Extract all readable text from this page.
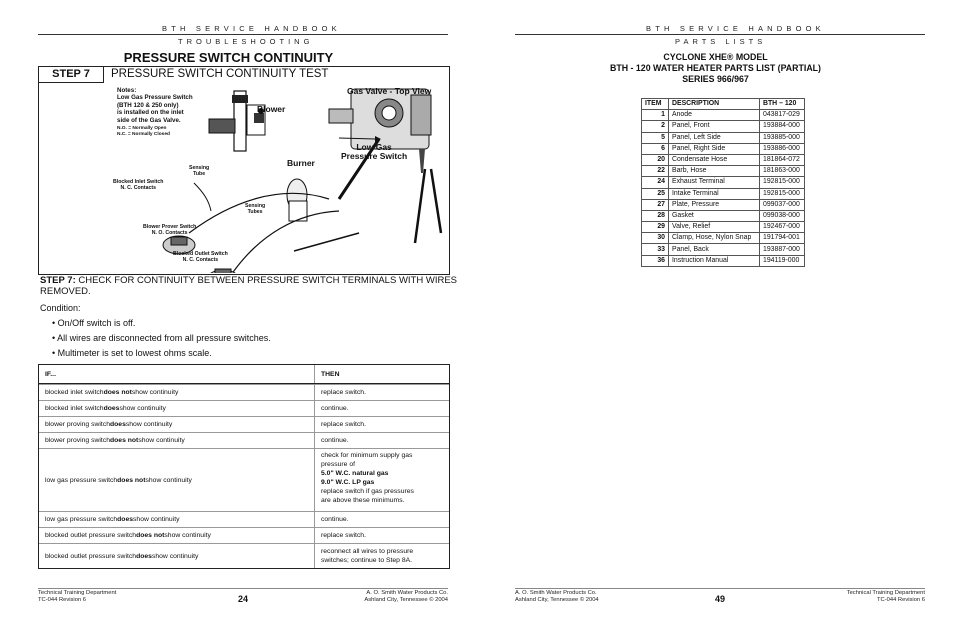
BTH SERVICE HANDBOOK
TROUBLESHOOTING
PRESSURE SWITCH CONTINUITY
STEP 7	PRESSURE SWITCH CONTINUITY TEST
Notes:
Low Gas Pressure Switch
(BTH 120 & 250 only)
is installed on the inlet
side of the Gas Valve.
N.O. = Normally Open
N.C. = Normally Closed
Blower
Gas Valve - Top View
Low Gas
Pressure Switch
Burner
Sensing
Tube
Sensing
Tubes
Blocked Inlet Switch
N. C. Contacts
Blower Prover Switch
N. O. Contacts
Blocked Outlet Switch
N. C. Contacts
STEP 7: CHECK FOR CONTINUITY BETWEEN PRESSURE SWITCH TERMINALS WITH WIRES REMOVED.
Condition:
• On/Off switch is off.
• All wires are disconnected from all pressure switches.
• Multimeter is set to lowest ohms scale.
IF...	THEN
blocked inlet switch does not show continuity	replace switch.
blocked inlet switch does show continuity	continue.
blower proving switch does show continuity	replace switch.
blower proving switch does not show continuity	continue.
low gas pressure switch does not show continuity
check for minimum supply gas
pressure of
5.0" W.C. natural gas
9.0" W.C. LP gas
replace switch if gas pressures
are above these minimums.
low gas pressure switch does show continuity	continue.
blocked outlet pressure switch does not show continuity	replace switch.
blocked outlet pressure switch does show continuity
reconnect all wires to pressure
switches; continue to Step 8A.
Technical Training Department
TC-044 Revision 6	24
A. O. Smith Water Products Co.
Ashland City, Tennessee © 2004
BTH SERVICE HANDBOOK
PARTS LISTS
CYCLONE XHE® MODEL
BTH - 120 WATER HEATER PARTS LIST (PARTIAL)
SERIES 966/967
ITEM	DESCRIPTION	BTH – 120
1	Anode	043817-029
2	Panel, Front	193884-000
5	Panel, Left Side	193885-000
6	Panel, Right Side	193886-000
20	Condensate Hose	181864-072
22	Barb, Hose	181863-000
24	Exhaust Terminal	192815-000
25	Intake Terminal	192815-000
27	Plate, Pressure	099037-000
28	Gasket	099038-000
29	Valve, Relief	192467-000
30	Clamp, Hose, Nylon Snap	191794-001
33	Panel, Back	193887-000
36	Instruction Manual	194119-000
A. O. Smith Water Products Co.
Ashland City, Tennessee © 2004	49
Technical Training Department
TC-044 Revision 6
